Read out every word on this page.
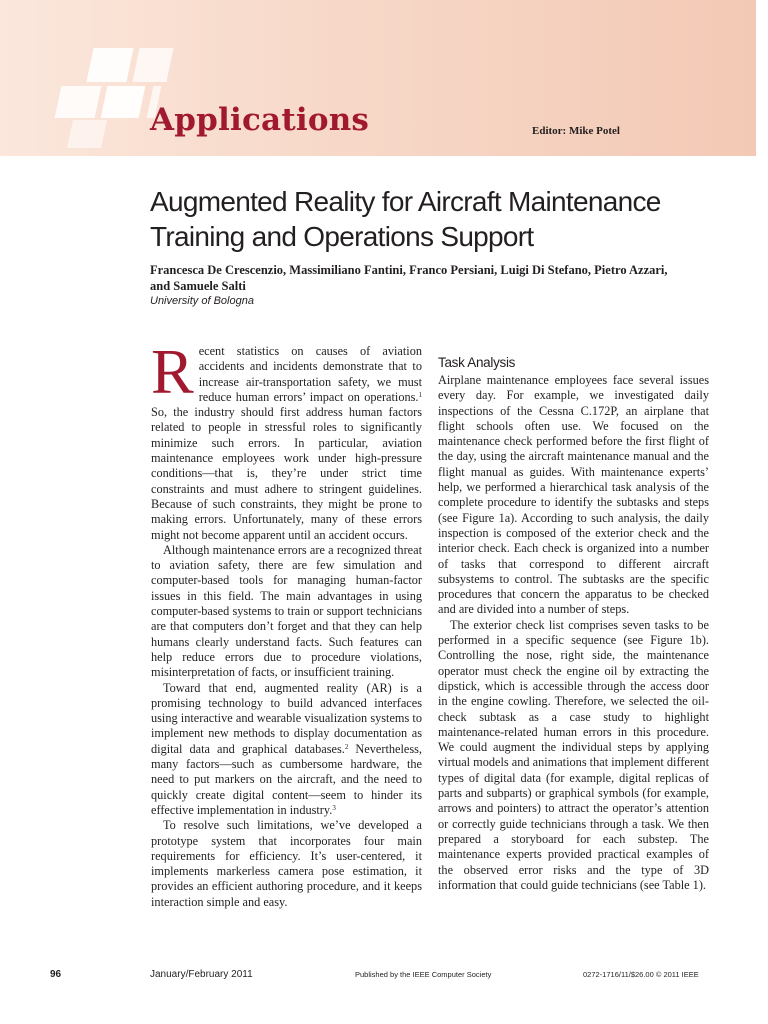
Applications	Editor: Mike Potel
Augmented Reality for Aircraft Maintenance Training and Operations Support
Francesca De Crescenzio, Massimiliano Fantini, Franco Persiani, Luigi Di Stefano, Pietro Azzari, and Samuele Salti
University of Bologna

Recent statistics on causes of aviation accidents and incidents demonstrate that to increase air-transportation safety, we must reduce human errors’ impact on operations.$^1$ So, the industry should first address human factors related to people in stressful roles to significantly minimize such errors. In particular, aviation maintenance employees work under high-pressure conditions—that is, they’re under strict time constraints and must adhere to stringent guidelines. Because of such constraints, they might be prone to making errors. Unfortunately, many of these errors might not become apparent until an accident occurs.

Although maintenance errors are a recognized threat to aviation safety, there are few simulation and computer-based tools for managing human-factor issues in this field. The main advantages in using computer-based systems to train or support technicians are that computers don’t forget and that they can help humans clearly understand facts. Such features can help reduce errors due to procedure violations, misinterpretation of facts, or insufficient training.

Toward that end, augmented reality (AR) is a promising technology to build advanced interfaces using interactive and wearable visualization systems to implement new methods to display documentation as digital data and graphical databases.$^2$ Nevertheless, many factors—such as cumbersome hardware, the need to put markers on the aircraft, and the need to quickly create digital content—seem to hinder its effective implementation in industry.$^3$

To resolve such limitations, we’ve developed a prototype system that incorporates four main requirements for efficiency. It’s user-centered, it implements markerless camera pose estimation, it provides an efficient authoring procedure, and it keeps interaction simple and easy.

Task Analysis

Airplane maintenance employees face several issues every day. For example, we investigated daily inspections of the Cessna C.172P, an airplane that flight schools often use. We focused on the maintenance check performed before the first flight of the day, using the aircraft maintenance manual and the flight manual as guides. With maintenance experts’ help, we performed a hierarchical task analysis of the complete procedure to identify the subtasks and steps (see Figure 1a). According to such analysis, the daily inspection is composed of the exterior check and the interior check. Each check is organized into a number of tasks that correspond to different aircraft subsystems to control. The subtasks are the specific procedures that concern the apparatus to be checked and are divided into a number of steps.

The exterior check list comprises seven tasks to be performed in a specific sequence (see Figure 1b). Controlling the nose, right side, the maintenance operator must check the engine oil by extracting the dipstick, which is accessible through the access door in the engine cowling. Therefore, we selected the oil-check subtask as a case study to highlight maintenance-related human errors in this procedure. We could augment the individual steps by applying virtual models and animations that implement different types of digital data (for example, digital replicas of parts and subparts) or graphical symbols (for example, arrows and pointers) to attract the operator’s attention or correctly guide technicians through a task. We then prepared a storyboard for each substep. The maintenance experts provided practical examples of the observed error risks and the type of 3D information that could guide technicians (see Table 1).

96	January/February 2011	Published by the IEEE Computer Society	0272-1716/11/$26.00 © 2011 IEEE
